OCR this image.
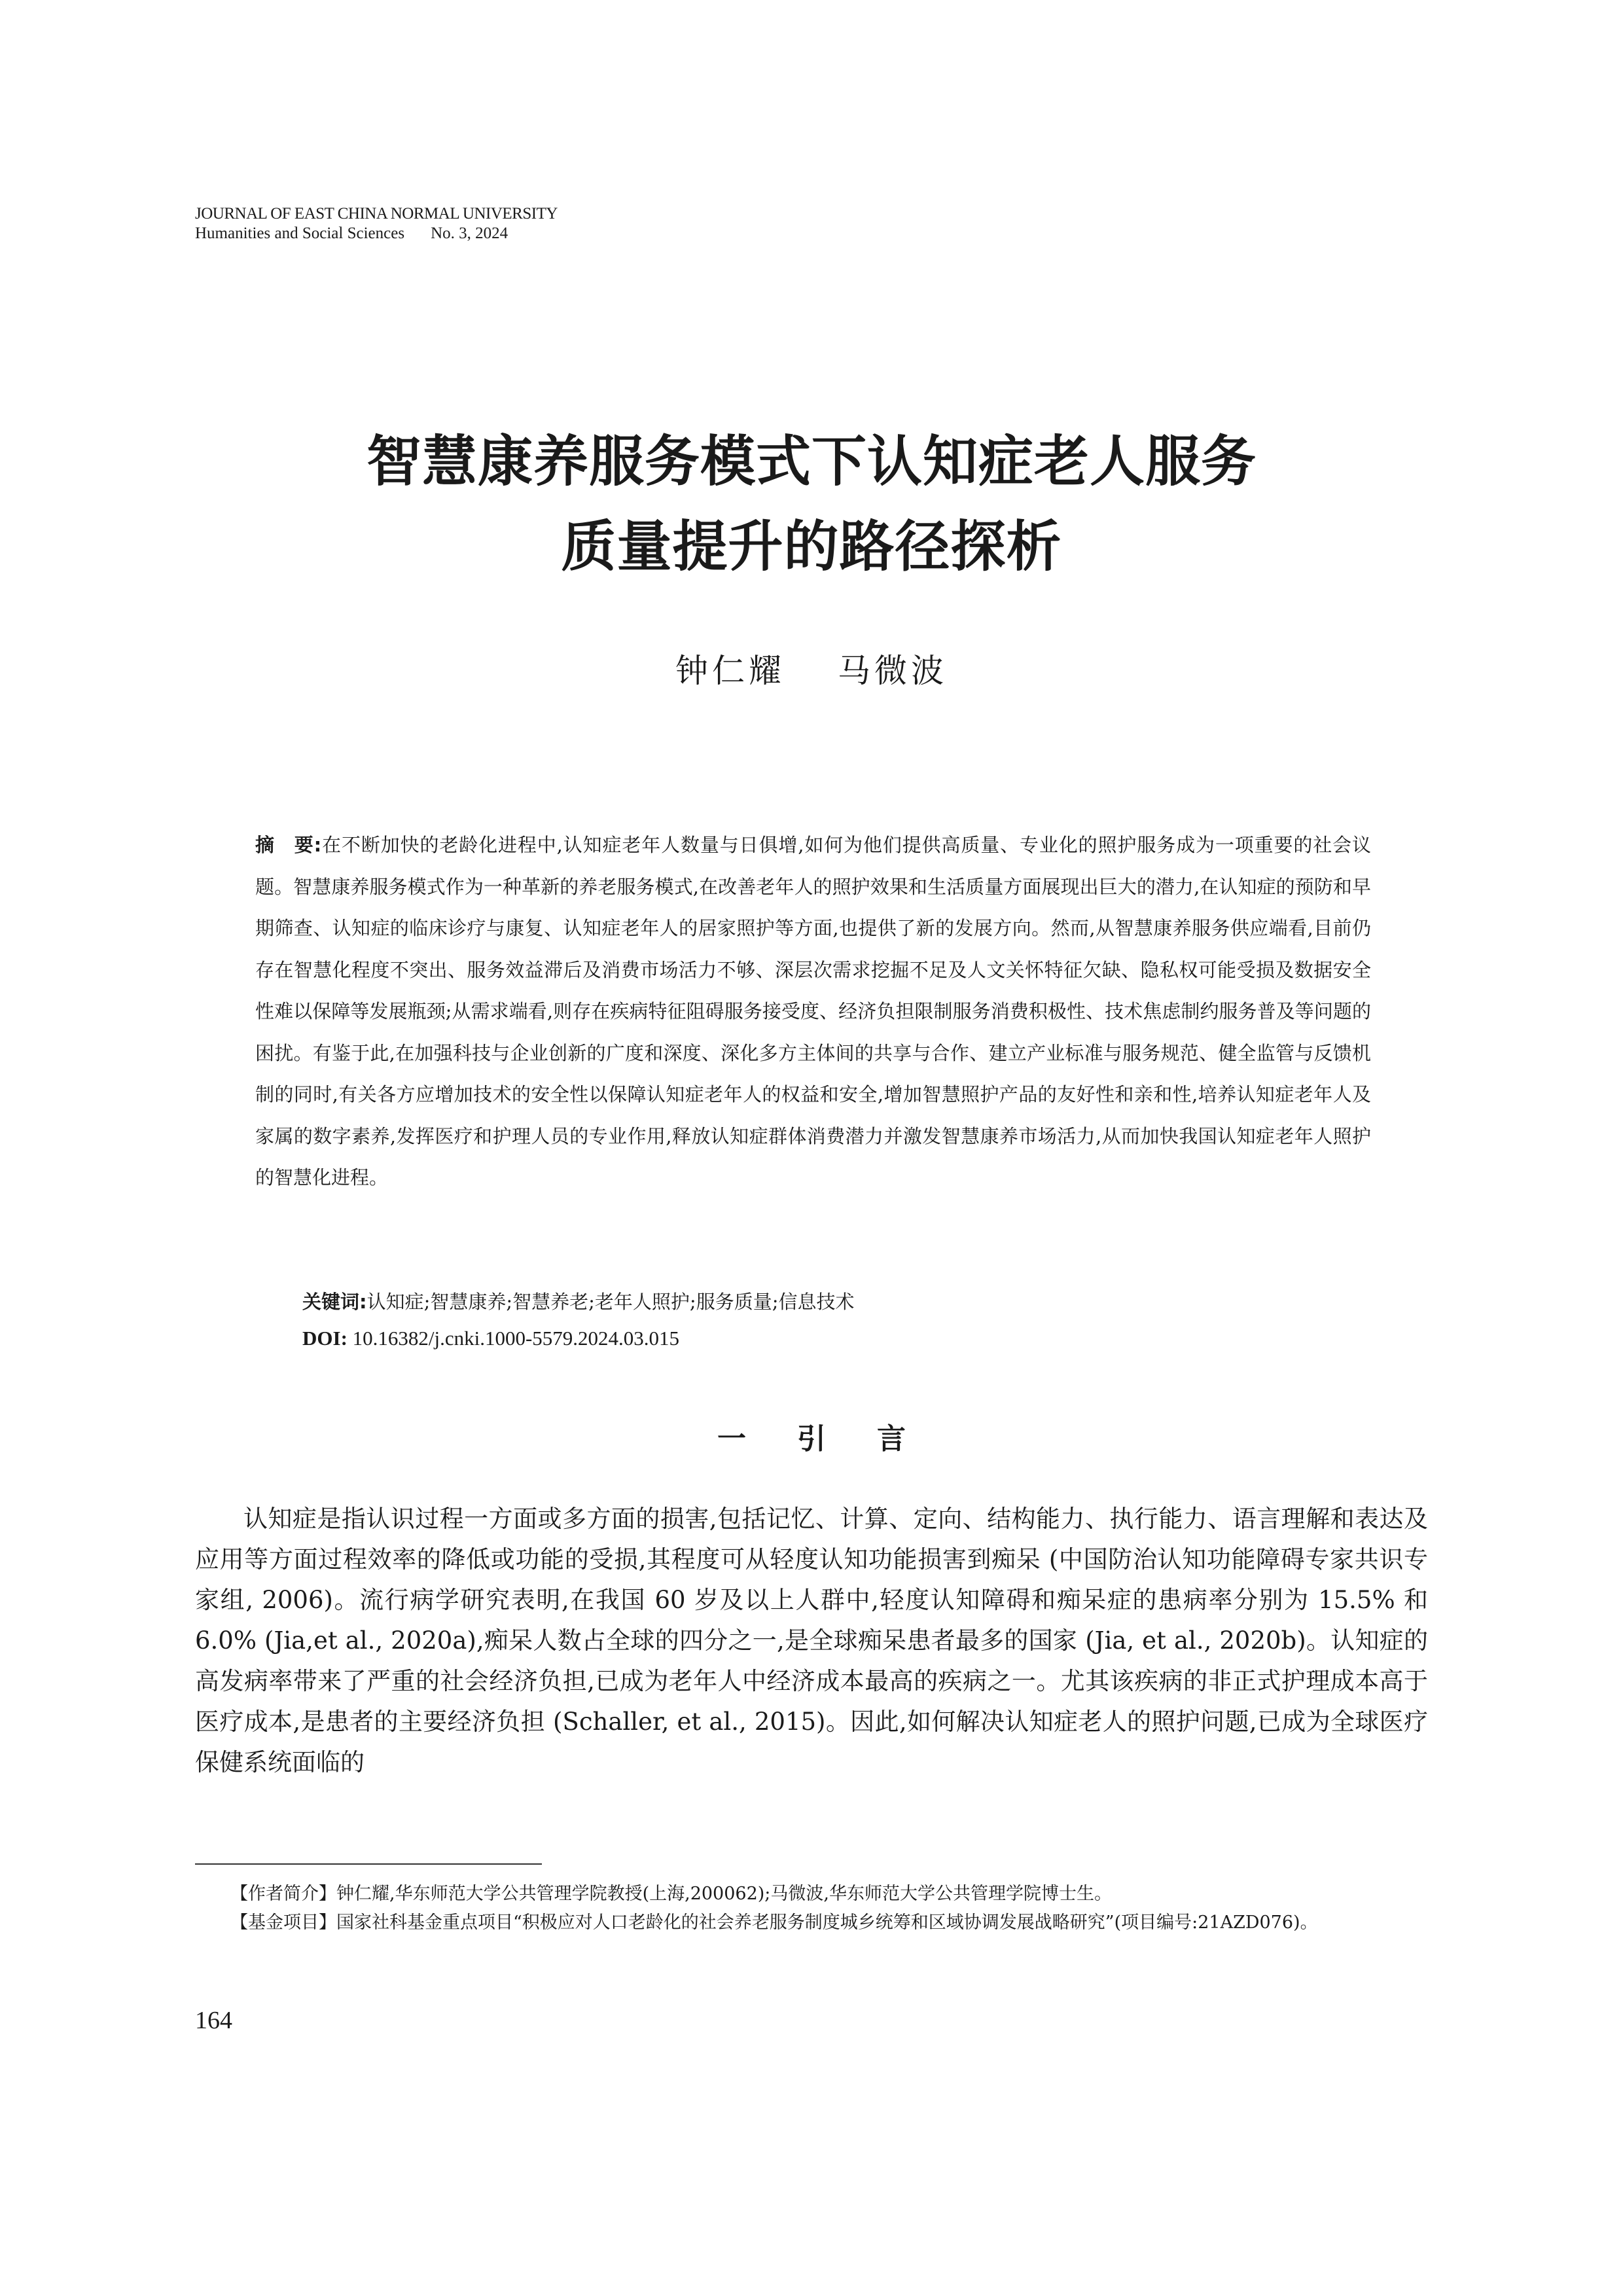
JOURNAL OF EAST CHINA NORMAL UNIVERSITY
Humanities and Social Sciences No. 3, 2024
智慧康养服务模式下认知症老人服务
质量提升的路径探析
钟仁耀 马微波
摘　要:在不断加快的老龄化进程中,认知症老年人数量与日俱增,如何为他们提供高质量、专业化的照护服务成为一项重要的社会议题。智慧康养服务模式作为一种革新的养老服务模式,在改善老年人的照护效果和生活质量方面展现出巨大的潜力,在认知症的预防和早期筛查、认知症的临床诊疗与康复、认知症老年人的居家照护等方面,也提供了新的发展方向。然而,从智慧康养服务供应端看,目前仍存在智慧化程度不突出、服务效益滞后及消费市场活力不够、深层次需求挖掘不足及人文关怀特征欠缺、隐私权可能受损及数据安全性难以保障等发展瓶颈;从需求端看,则存在疾病特征阻碍服务接受度、经济负担限制服务消费积极性、技术焦虑制约服务普及等问题的困扰。有鉴于此,在加强科技与企业创新的广度和深度、深化多方主体间的共享与合作、建立产业标准与服务规范、健全监管与反馈机制的同时,有关各方应增加技术的安全性以保障认知症老年人的权益和安全,增加智慧照护产品的友好性和亲和性,培养认知症老年人及家属的数字素养,发挥医疗和护理人员的专业作用,释放认知症群体消费潜力并激发智慧康养市场活力,从而加快我国认知症老年人照护的智慧化进程。
关键词:认知症;智慧康养;智慧养老;老年人照护;服务质量;信息技术
DOI: 10.16382/j.cnki.1000-5579.2024.03.015
一引言

认知症是指认识过程一方面或多方面的损害,包括记忆、计算、定向、结构能力、执行能力、语言理解和表达及应用等方面过程效率的降低或功能的受损,其程度可从轻度认知功能损害到痴呆 (中国防治认知功能障碍专家共识专家组, 2006)。流行病学研究表明,在我国 60 岁及以上人群中,轻度认知障碍和痴呆症的患病率分别为 15.5% 和 6.0% (Jia,et al., 2020a),痴呆人数占全球的四分之一,是全球痴呆患者最多的国家 (Jia, et al., 2020b)。认知症的高发病率带来了严重的社会经济负担,已成为老年人中经济成本最高的疾病之一。尤其该疾病的非正式护理成本高于医疗成本,是患者的主要经济负担 (Schaller, et al., 2015)。因此,如何解决认知症老人的照护问题,已成为全球医疗保健系统面临的

【作者简介】钟仁耀,华东师范大学公共管理学院教授(上海,200062);马微波,华东师范大学公共管理学院博士生。

【基金项目】国家社科基金重点项目“积极应对人口老龄化的社会养老服务制度城乡统筹和区域协调发展战略研究”(项目编号:21AZD076)。

164
